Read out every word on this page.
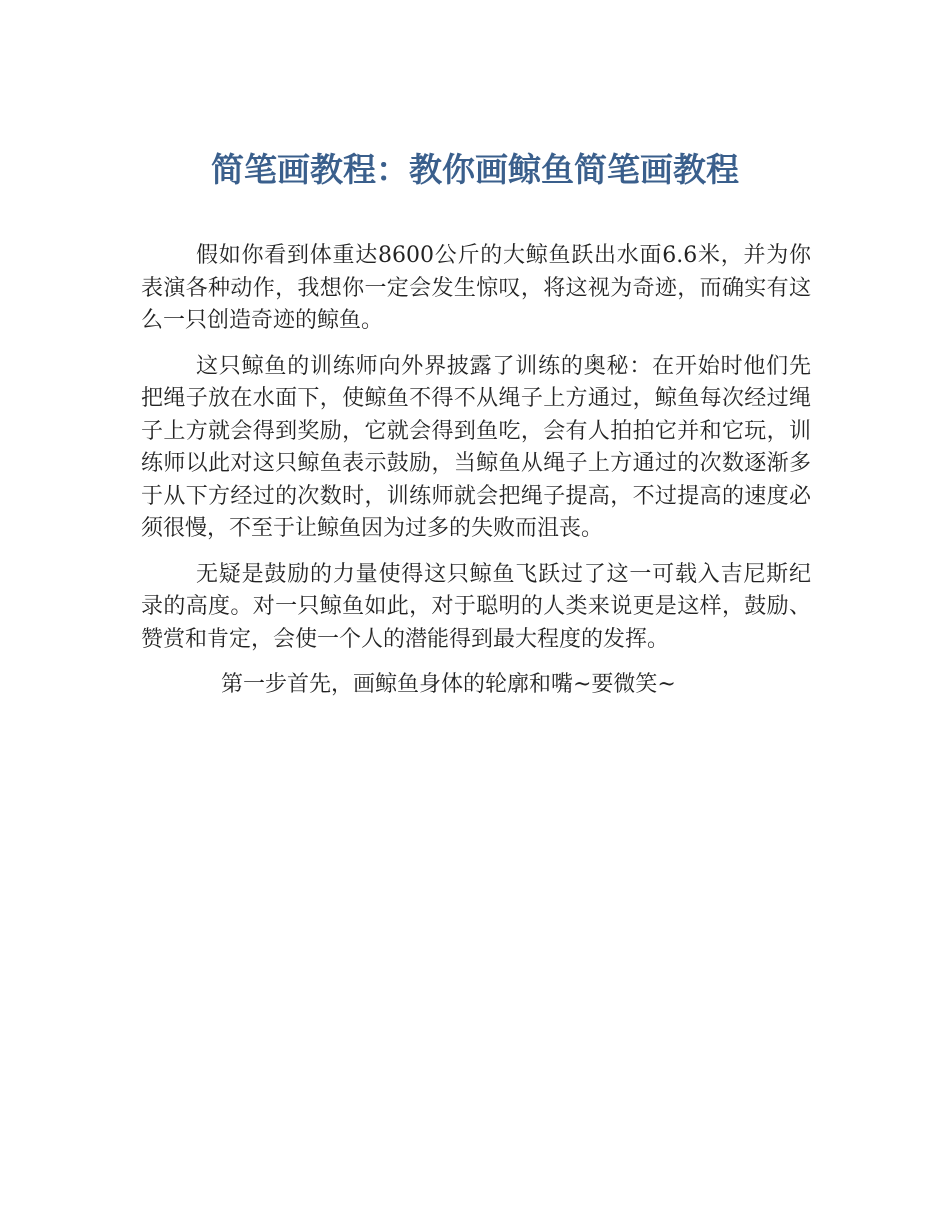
简笔画教程：教你画鲸鱼简笔画教程

假如你看到体重达8600公斤的大鲸鱼跃出水面6.6米，并为你表演各种动作，我想你一定会发生惊叹，将这视为奇迹，而确实有这么一只创造奇迹的鲸鱼。

这只鲸鱼的训练师向外界披露了训练的奥秘：在开始时他们先把绳子放在水面下，使鲸鱼不得不从绳子上方通过，鲸鱼每次经过绳子上方就会得到奖励，它就会得到鱼吃，会有人拍拍它并和它玩，训练师以此对这只鲸鱼表示鼓励，当鲸鱼从绳子上方通过的次数逐渐多于从下方经过的次数时，训练师就会把绳子提高，不过提高的速度必须很慢，不至于让鲸鱼因为过多的失败而沮丧。

无疑是鼓励的力量使得这只鲸鱼飞跃过了这一可载入吉尼斯纪录的高度。对一只鲸鱼如此，对于聪明的人类来说更是这样，鼓励、赞赏和肯定，会使一个人的潜能得到最大程度的发挥。

第一步首先，画鲸鱼身体的轮廓和嘴~要微笑~
